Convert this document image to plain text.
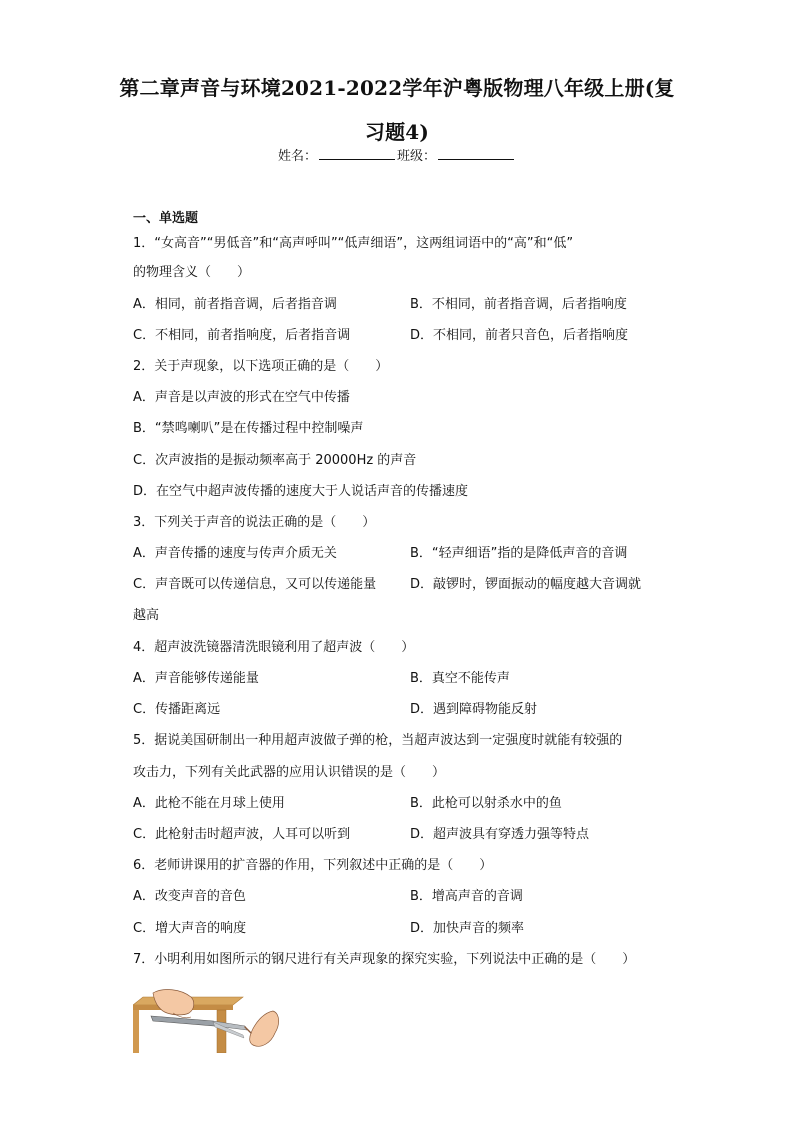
第二章声音与环境2021-2022学年沪粤版物理八年级上册(复
习题4)
姓名：	班级：
一、单选题
1．“女高音”“男低音”和“高声呼叫”“低声细语”，这两组词语中的“高”和“低”
的物理含义（　　）
A．相同，前者指音调，后者指音调	B．不相同，前者指音调，后者指响度
C．不相同，前者指响度，后者指音调	D．不相同，前者只音色，后者指响度
2．关于声现象，以下选项正确的是（　　）
A．声音是以声波的形式在空气中传播
B．“禁鸣喇叭”是在传播过程中控制噪声
C．次声波指的是振动频率高于 20000Hz 的声音
D．在空气中超声波传播的速度大于人说话声音的传播速度
3．下列关于声音的说法正确的是（　　）
A．声音传播的速度与传声介质无关	B．“轻声细语”指的是降低声音的音调
C．声音既可以传递信息，又可以传递能量	D．敲锣时，锣面振动的幅度越大音调就
越高
4．超声波洗镜器清洗眼镜利用了超声波（　　）
A．声音能够传递能量	B．真空不能传声
C．传播距离远	D．遇到障碍物能反射
5．据说美国研制出一种用超声波做子弹的枪，当超声波达到一定强度时就能有较强的
攻击力，下列有关此武器的应用认识错误的是（　　）
A．此枪不能在月球上使用	B．此枪可以射杀水中的鱼
C．此枪射击时超声波，人耳可以听到	D．超声波具有穿透力强等特点
6．老师讲课用的扩音器的作用，下列叙述中正确的是（　　）
A．改变声音的音色	B．增高声音的音调
C．增大声音的响度	D．加快声音的频率
7．小明利用如图所示的钢尺进行有关声现象的探究实验，下列说法中正确的是（　　）
